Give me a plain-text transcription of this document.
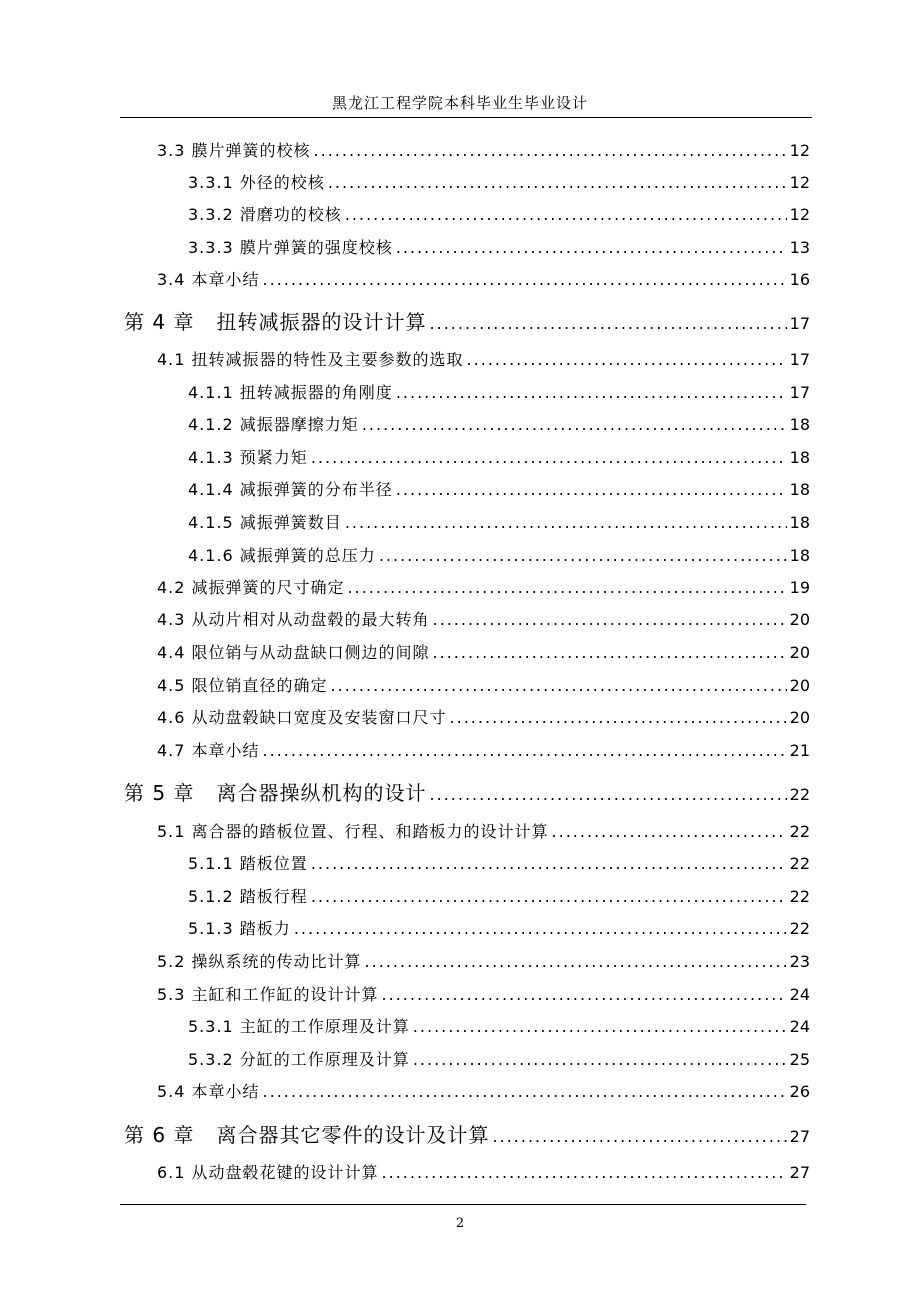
黑龙江工程学院本科毕业生毕业设计
3.3 膜片弹簧的校核 .....	12
3.3.1 外径的校核 .....	12
3.3.2 滑磨功的校核 .....	12
3.3.3 膜片弹簧的强度校核 .....	13
3.4 本章小结 .....	16
第 4 章   扭转减振器的设计计算 .....	17
4.1 扭转减振器的特性及主要参数的选取 .....	17
4.1.1 扭转减振器的角刚度 .....	17
4.1.2 减振器摩擦力矩 .....	18
4.1.3 预紧力矩 .....	18
4.1.4 减振弹簧的分布半径 .....	18
4.1.5 减振弹簧数目 .....	18
4.1.6 减振弹簧的总压力 .....	18
4.2 减振弹簧的尺寸确定 .....	19
4.3 从动片相对从动盘毂的最大转角 .....	20
4.4 限位销与从动盘缺口侧边的间隙 .....	20
4.5 限位销直径的确定 .....	20
4.6 从动盘毂缺口宽度及安装窗口尺寸 .....	20
4.7 本章小结 .....	21
第 5 章   离合器操纵机构的设计 .....	22
5.1 离合器的踏板位置、行程、和踏板力的设计计算 .....	22
5.1.1 踏板位置 .....	22
5.1.2 踏板行程 .....	22
5.1.3 踏板力 .....	22
5.2 操纵系统的传动比计算 .....	23
5.3 主缸和工作缸的设计计算 .....	24
5.3.1 主缸的工作原理及计算 .....	24
5.3.2 分缸的工作原理及计算 .....	25
5.4 本章小结 .....	26
第 6 章   离合器其它零件的设计及计算 .....	27
6.1 从动盘毂花键的设计计算 .....	27
2
